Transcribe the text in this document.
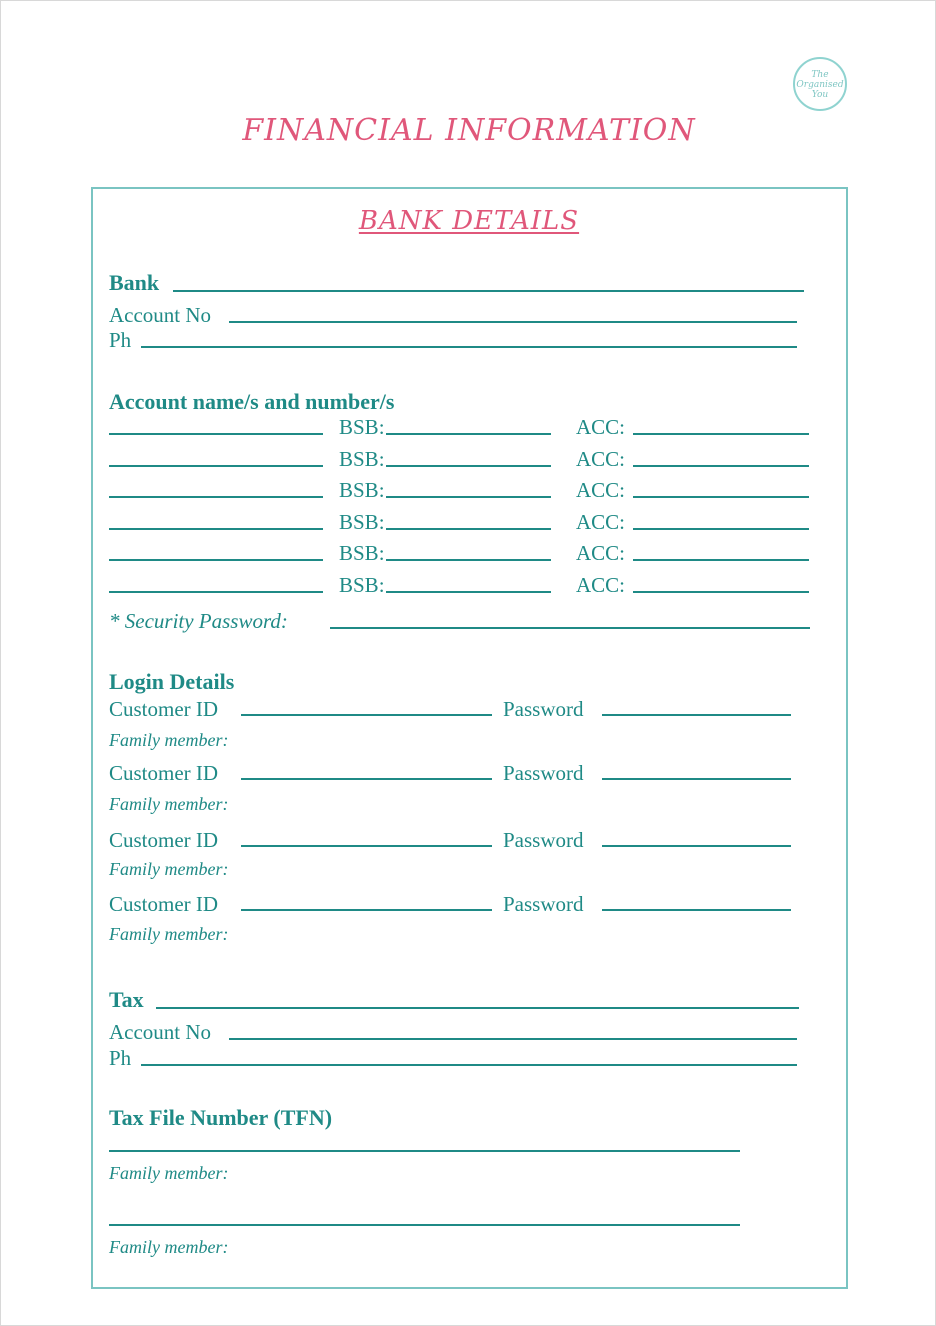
The Organised You
FINANCIAL INFORMATION
BANK DETAILS
Bank
Account No
Ph
Account name/s and number/s
BSB:	ACC:
BSB:	ACC:
BSB:	ACC:
BSB:	ACC:
BSB:	ACC:
BSB:	ACC:
* Security Password:
Login Details
Customer ID	Password
Family member:
Customer ID	Password
Family member:
Customer ID	Password
Family member:
Customer ID	Password
Family member:
Tax
Account No
Ph
Tax File Number (TFN)
Family member:
Family member:
